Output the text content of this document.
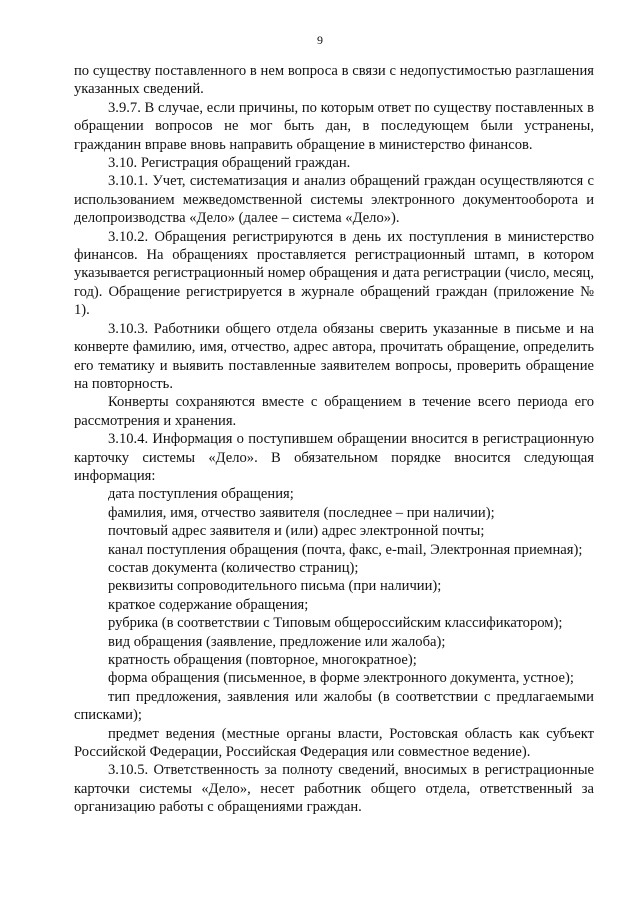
9

по существу поставленного в нем вопроса в связи с недопустимостью разглашения указанных сведений.

3.9.7. В случае, если причины, по которым ответ по существу поставленных в обращении вопросов не мог быть дан, в последующем были устранены, гражданин вправе вновь направить обращение в министерство финансов.

3.10. Регистрация обращений граждан.

3.10.1. Учет, систематизация и анализ обращений граждан осуществляются с использованием межведомственной системы электронного документооборота и делопроизводства «Дело» (далее – система «Дело»).

3.10.2. Обращения регистрируются в день их поступления в министерство финансов. На обращениях проставляется регистрационный штамп, в котором указывается регистрационный номер обращения и дата регистрации (число, месяц, год). Обращение регистрируется в журнале обращений граждан (приложение № 1).

3.10.3. Работники общего отдела обязаны сверить указанные в письме и на конверте фамилию, имя, отчество, адрес автора, прочитать обращение, определить его тематику и выявить поставленные заявителем вопросы, проверить обращение на повторность.

Конверты сохраняются вместе с обращением в течение всего периода его рассмотрения и хранения.

3.10.4. Информация о поступившем обращении вносится в регистрационную карточку системы «Дело». В обязательном порядке вносится следующая информация:

дата поступления обращения;

фамилия, имя, отчество заявителя (последнее – при наличии);

почтовый адрес заявителя и (или) адрес электронной почты;

канал поступления обращения (почта, факс, e-mail, Электронная приемная);

состав документа (количество страниц);

реквизиты сопроводительного письма (при наличии);

краткое содержание обращения;

рубрика (в соответствии с Типовым общероссийским классификатором);

вид обращения (заявление, предложение или жалоба);

кратность обращения (повторное, многократное);

форма обращения (письменное, в форме электронного документа, устное);

тип предложения, заявления или жалобы (в соответствии с предлагаемыми списками);

предмет ведения (местные органы власти, Ростовская область как субъект Российской Федерации, Российская Федерация или совместное ведение).

3.10.5. Ответственность за полноту сведений, вносимых в регистрационные карточки системы «Дело», несет работник общего отдела, ответственный за организацию работы с обращениями граждан.
